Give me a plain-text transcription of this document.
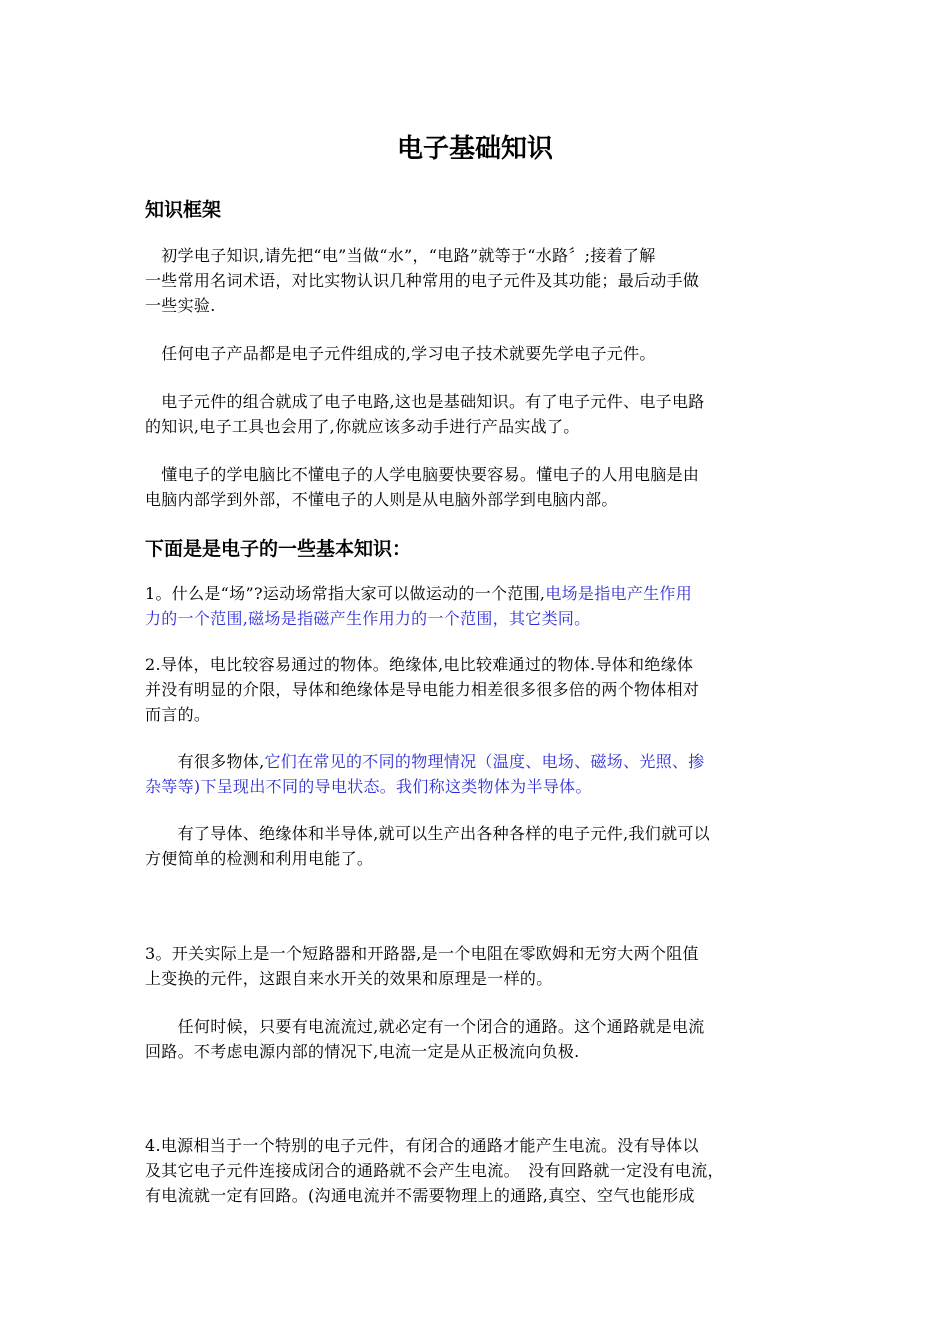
电子基础知识
知识框架
　初学电子知识,请先把“电”当做“水”，“电路”就等于“水路〞;接着了解
一些常用名词术语，对比实物认识几种常用的电子元件及其功能；最后动手做
一些实验.
　任何电子产品都是电子元件组成的,学习电子技术就要先学电子元件。
　电子元件的组合就成了电子电路,这也是基础知识。有了电子元件、电子电路
的知识,电子工具也会用了,你就应该多动手进行产品实战了。
　懂电子的学电脑比不懂电子的人学电脑要快要容易。懂电子的人用电脑是由
电脑内部学到外部，不懂电子的人则是从电脑外部学到电脑内部。
下面是是电子的一些基本知识：
1。什么是“场”?运动场常指大家可以做运动的一个范围,电场是指电产生作用
力的一个范围,磁场是指磁产生作用力的一个范围，其它类同。
2.导体，电比较容易通过的物体。绝缘体,电比较难通过的物体.导体和绝缘体
并没有明显的介限，导体和绝缘体是导电能力相差很多很多倍的两个物体相对
而言的。
　　有很多物体,它们在常见的不同的物理情况（温度、电场、磁场、光照、掺
杂等等)下呈现出不同的导电状态。我们称这类物体为半导体。
　　有了导体、绝缘体和半导体,就可以生产出各种各样的电子元件,我们就可以
方便简单的检测和利用电能了。
3。开关实际上是一个短路器和开路器,是一个电阻在零欧姆和无穷大两个阻值
上变换的元件，这跟自来水开关的效果和原理是一样的。
　　任何时候，只要有电流流过,就必定有一个闭合的通路。这个通路就是电流
回路。不考虑电源内部的情况下,电流一定是从正极流向负极.
4.电源相当于一个特别的电子元件，有闭合的通路才能产生电流。没有导体以
及其它电子元件连接成闭合的通路就不会产生电流。　没有回路就一定没有电流，
有电流就一定有回路。(沟通电流并不需要物理上的通路,真空、空气也能形成
